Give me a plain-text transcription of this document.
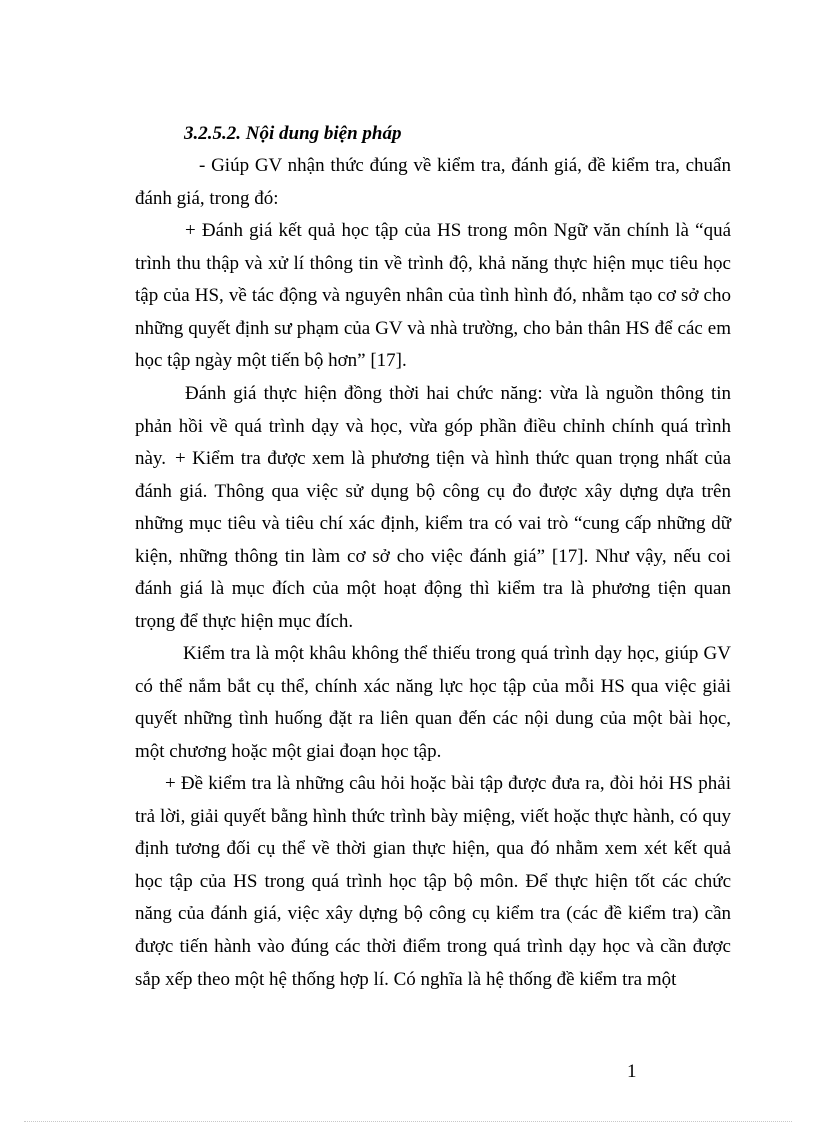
3.2.5.2. Nội dung biện pháp

- Giúp GV nhận thức đúng về kiểm tra, đánh giá, đề kiểm tra, chuẩn đánh giá, trong đó:

+ Đánh giá kết quả học tập của HS trong môn Ngữ văn chính là “quá trình thu thập và xử lí thông tin về trình độ, khả năng thực hiện mục tiêu học tập của HS, về tác động và nguyên nhân của tình hình đó, nhằm tạo cơ sở cho những quyết định sư phạm của GV và nhà trường, cho bản thân HS để các em học tập ngày một tiến bộ hơn” [17].

Đánh giá thực hiện đồng thời hai chức năng: vừa là nguồn thông tin phản hồi về quá trình dạy và học, vừa góp phần điều chỉnh chính quá trình này. + Kiểm tra được xem là phương tiện và hình thức quan trọng nhất của đánh giá. Thông qua việc sử dụng bộ công cụ đo được xây dựng dựa trên những mục tiêu và tiêu chí xác định, kiểm tra có vai trò “cung cấp những dữ kiện, những thông tin làm cơ sở cho việc đánh giá” [17]. Như vậy, nếu coi đánh giá là mục đích của một hoạt động thì kiểm tra là phương tiện quan trọng để thực hiện mục đích.

Kiểm tra là một khâu không thể thiếu trong quá trình dạy học, giúp GV có thể nắm bắt cụ thể, chính xác năng lực học tập của mỗi HS qua việc giải quyết những tình huống đặt ra liên quan đến các nội dung của một bài học, một chương hoặc một giai đoạn học tập.

+ Đề kiểm tra là những câu hỏi hoặc bài tập được đưa ra, đòi hỏi HS phải trả lời, giải quyết bằng hình thức trình bày miệng, viết hoặc thực hành, có quy định tương đối cụ thể về thời gian thực hiện, qua đó nhằm xem xét kết quả học tập của HS trong quá trình học tập bộ môn. Để thực hiện tốt các chức năng của đánh giá, việc xây dựng bộ công cụ kiểm tra (các đề kiểm tra) cần được tiến hành vào đúng các thời điểm trong quá trình dạy học và cần được sắp xếp theo một hệ thống hợp lí. Có nghĩa là hệ thống đề kiểm tra một

1
